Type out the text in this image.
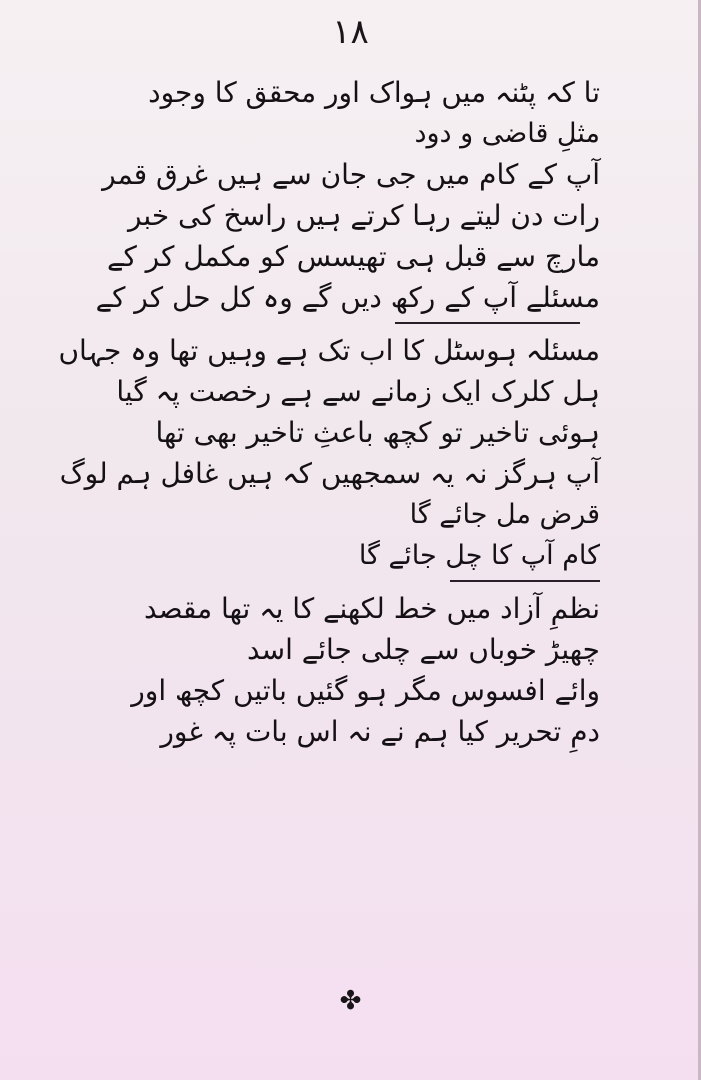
۱۸
تا کہ پٹنہ میں ہواک اور محقق کا وجود
مثلِ قاضی و دود
آپ کے کام میں جی جان سے ہیں غرق قمر
رات دن لیتے رہا کرتے ہیں راسخ کی خبر
مارچ سے قبل ہی تھیسس کو مکمل کر کے
مسئلے آپ کے رکھ دیں گے وہ کل حل کر کے
مسئلہ ہوسٹل کا اب تک ہے وہیں تھا وہ جہاں
ہل کلرک ایک زمانے سے ہے رخصت پہ گیا
ہوئی تاخیر تو کچھ باعثِ تاخیر بھی تھا
آپ ہرگز نہ یہ سمجھیں کہ ہیں غافل ہم لوگ
قرض مل جائے گا
کام آپ کا چل جائے گا
نظمِ آزاد میں خط لکھنے کا یہ تھا مقصد
چھیڑ خوباں سے چلی جائے اسد
وائے افسوس مگر ہو گئیں باتیں کچھ اور
دمِ تحریر کیا ہم نے نہ اس بات پہ غور
✤
